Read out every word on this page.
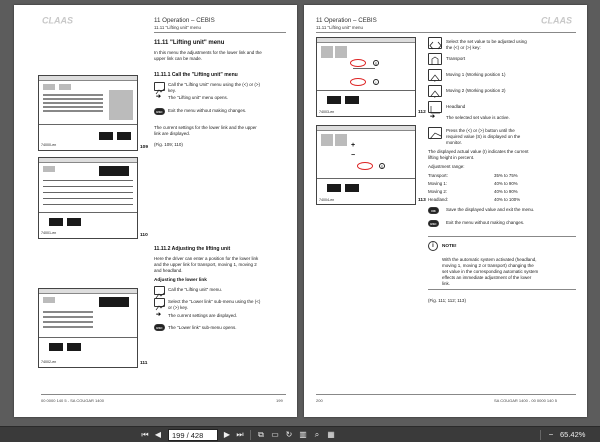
11 Operation – CEBIS
11.11 "Lifting unit" menu
CLAAS
11.11 "Lifting unit" menu
In this menu the adjustments for the lower link and the
upper link can be made.
11.11.1 Call the "Lifting unit" menu
Call the "Lifting Unit" menu using the (<) or (>)
key.
➔ The "Lifting unit" menu opens.
ESC	Exit the menu without making changes.
The current settings for the lower link and the upper
link are displayed.
(Fig. 109; 110)
74000-en	109
74001-en	110
11.11.2 Adjusting the lifting unit
Here the driver can enter a position for the lower link
and the upper link for transport, moving 1, moving 2
and headland.
Adjusting the lower link
Call the "Lifting unit" menu.
Select the "Lower link" sub-menu using the (<)
or (>) key.
➔ The current settings are displayed.
ESC	The "Lower link" sub-menu opens.
74002-en	111
00 0000 140 5 - SA COUGAR 1400	199
11 Operation – CEBIS
11.11 "Lifting unit" menu
CLAAS
S
I
74003-en	112
+
−
S
74004-en	113
Select the set value to be adjusted using
the (<) or (>) key:
Transport
1
Moving 1 (Working position 1)
2
Moving 2 (Working position 2)
Headland
➔ The selected set value is active.
Press the (<) or (>) button until the
required value (S) is displayed on the
monitor.
The displayed actual value (I) indicates the current
lifting height in percent.
Adjustment range:
Transport:	35% to 75%
Moving 1:	40% to 90%
Moving 2:	40% to 90%
Headland:	40% to 100%
OK	Save the displayed value and exit the menu.
ESC	Exit the menu without making changes.
i	NOTE!
With the automatic system activated (headland,
moving 1, moving 2 or transport) changing the
set value in the corresponding automatic system
effects an immediate adjustment of the lower
link.
(Fig. 111; 112; 113)
200	SA COUGAR 1400 - 00 0000 140 5
⏮ ◀	199 / 428	▶ ⏭ ⧉ ▭ ↻ ▥ ⌕ ▦	− 65.42%
